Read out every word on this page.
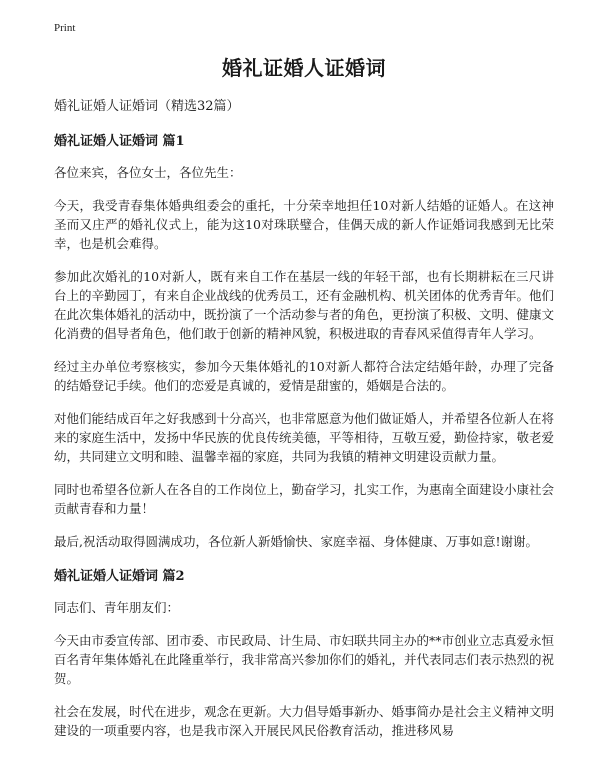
Print
婚礼证婚人证婚词
婚礼证婚人证婚词（精选32篇）
婚礼证婚人证婚词 篇1

各位来宾，各位女士，各位先生：

今天，我受青春集体婚典组委会的重托，十分荣幸地担任10对新人结婚的证婚人。在这神圣而又庄严的婚礼仪式上，能为这10对珠联璧合，佳偶天成的新人作证婚词我感到无比荣幸，也是机会难得。

参加此次婚礼的10对新人，既有来自工作在基层一线的年轻干部，也有长期耕耘在三尺讲台上的辛勤园丁，有来自企业战线的优秀员工，还有金融机构、机关团体的优秀青年。他们在此次集体婚礼的活动中，既扮演了一个活动参与者的角色，更扮演了积极、文明、健康文化消费的倡导者角色，他们敢于创新的精神风貌，积极进取的青春风采值得青年人学习。

经过主办单位考察核实，参加今天集体婚礼的10对新人都符合法定结婚年龄，办理了完备的结婚登记手续。他们的恋爱是真诚的，爱情是甜蜜的，婚姻是合法的。

对他们能结成百年之好我感到十分高兴，也非常愿意为他们做证婚人，并希望各位新人在将来的家庭生活中，发扬中华民族的优良传统美德，平等相待，互敬互爱，勤俭持家，敬老爱幼，共同建立文明和睦、温馨幸福的家庭，共同为我镇的精神文明建设贡献力量。

同时也希望各位新人在各自的工作岗位上，勤奋学习，扎实工作，为惠南全面建设小康社会贡献青春和力量！

最后,祝活动取得圆满成功，各位新人新婚愉快、家庭幸福、身体健康、万事如意!谢谢。

婚礼证婚人证婚词 篇2

同志们、青年朋友们：

今天由市委宣传部、团市委、市民政局、计生局、市妇联共同主办的**市创业立志真爱永恒百名青年集体婚礼在此隆重举行，我非常高兴参加你们的婚礼，并代表同志们表示热烈的祝贺。

社会在发展，时代在进步，观念在更新。大力倡导婚事新办、婚事简办是社会主义精神文明建设的一项重要内容，也是我市深入开展民风民俗教育活动，推进移风易
